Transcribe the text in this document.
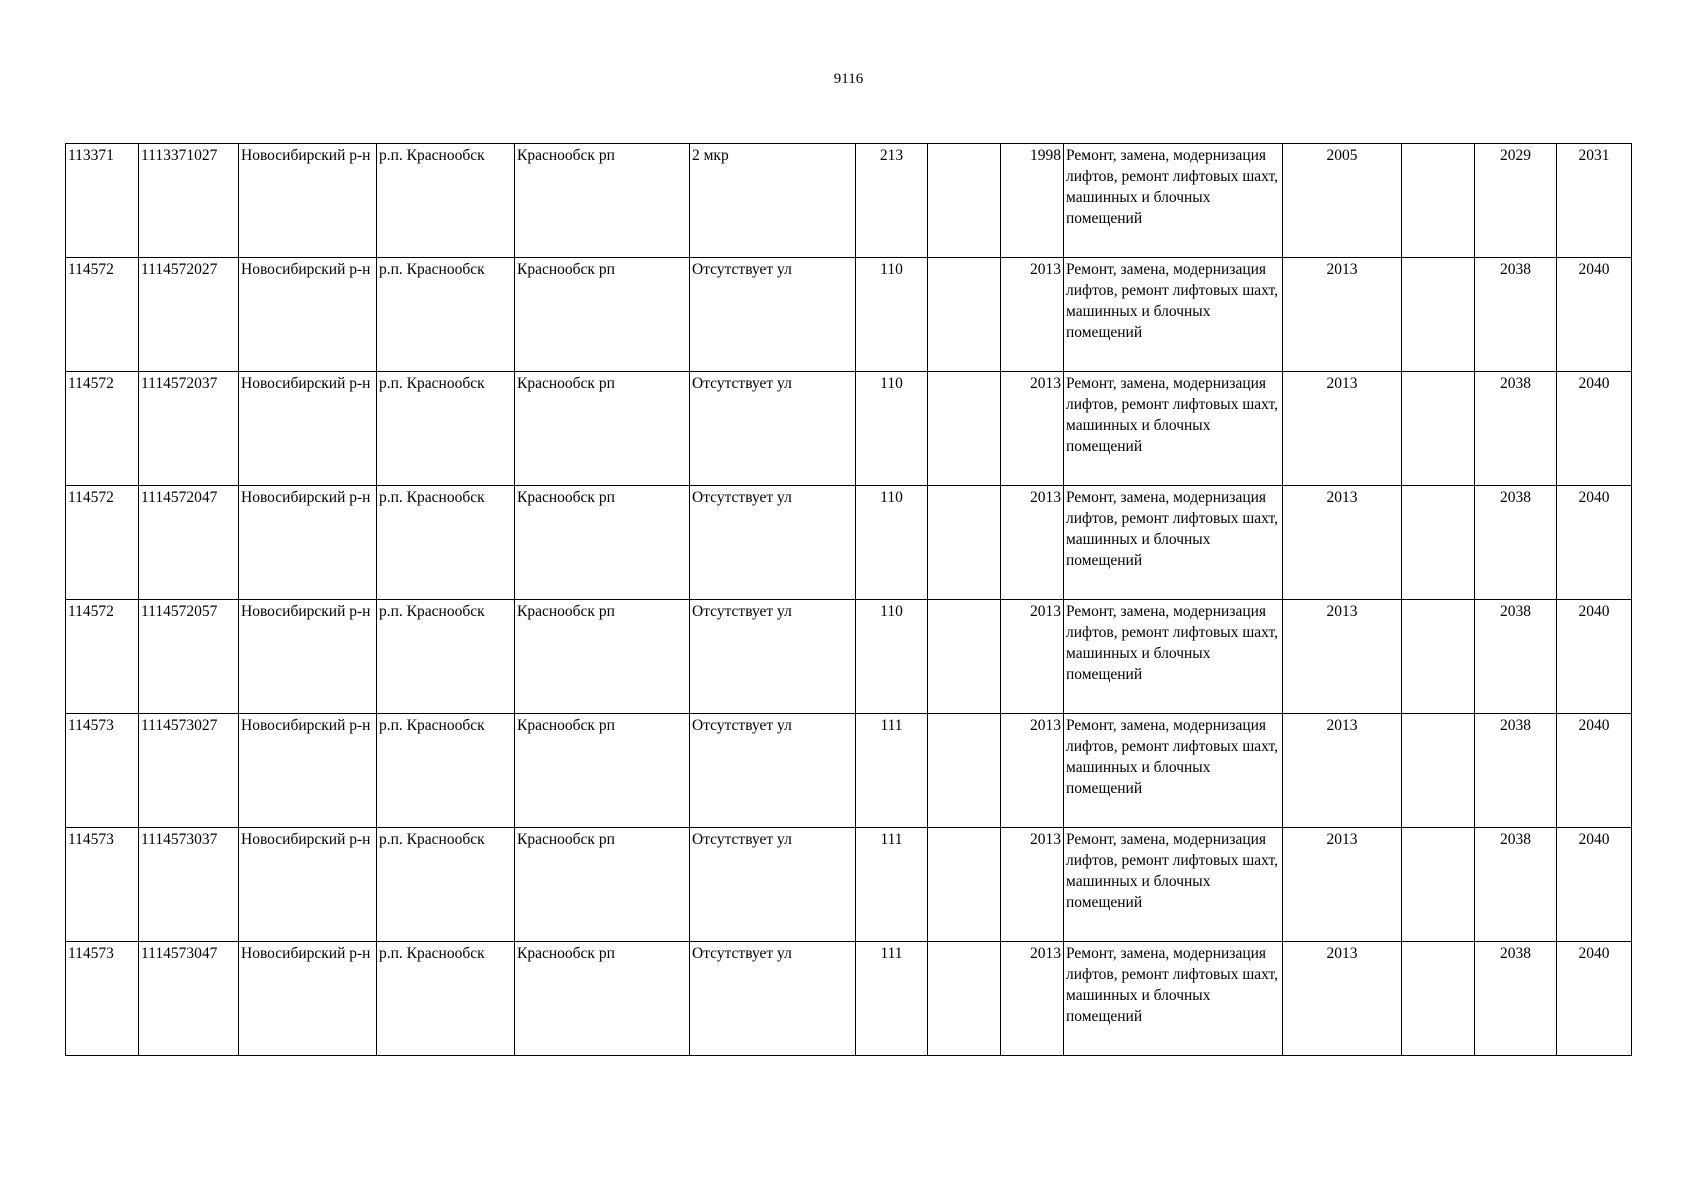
9116
113371	1113371027	Новосибирский р-н	р.п. Краснообск	Краснообск рп	2 мкр	213		1998	Ремонт, замена, модернизация лифтов, ремонт лифтовых шахт, машинных и блочных помещений	2005		2029	2031
114572	1114572027	Новосибирский р-н	р.п. Краснообск	Краснообск рп	Отсутствует ул	110		2013	Ремонт, замена, модернизация лифтов, ремонт лифтовых шахт, машинных и блочных помещений	2013		2038	2040
114572	1114572037	Новосибирский р-н	р.п. Краснообск	Краснообск рп	Отсутствует ул	110		2013	Ремонт, замена, модернизация лифтов, ремонт лифтовых шахт, машинных и блочных помещений	2013		2038	2040
114572	1114572047	Новосибирский р-н	р.п. Краснообск	Краснообск рп	Отсутствует ул	110		2013	Ремонт, замена, модернизация лифтов, ремонт лифтовых шахт, машинных и блочных помещений	2013		2038	2040
114572	1114572057	Новосибирский р-н	р.п. Краснообск	Краснообск рп	Отсутствует ул	110		2013	Ремонт, замена, модернизация лифтов, ремонт лифтовых шахт, машинных и блочных помещений	2013		2038	2040
114573	1114573027	Новосибирский р-н	р.п. Краснообск	Краснообск рп	Отсутствует ул	111		2013	Ремонт, замена, модернизация лифтов, ремонт лифтовых шахт, машинных и блочных помещений	2013		2038	2040
114573	1114573037	Новосибирский р-н	р.п. Краснообск	Краснообск рп	Отсутствует ул	111		2013	Ремонт, замена, модернизация лифтов, ремонт лифтовых шахт, машинных и блочных помещений	2013		2038	2040
114573	1114573047	Новосибирский р-н	р.п. Краснообск	Краснообск рп	Отсутствует ул	111		2013	Ремонт, замена, модернизация лифтов, ремонт лифтовых шахт, машинных и блочных помещений	2013		2038	2040
